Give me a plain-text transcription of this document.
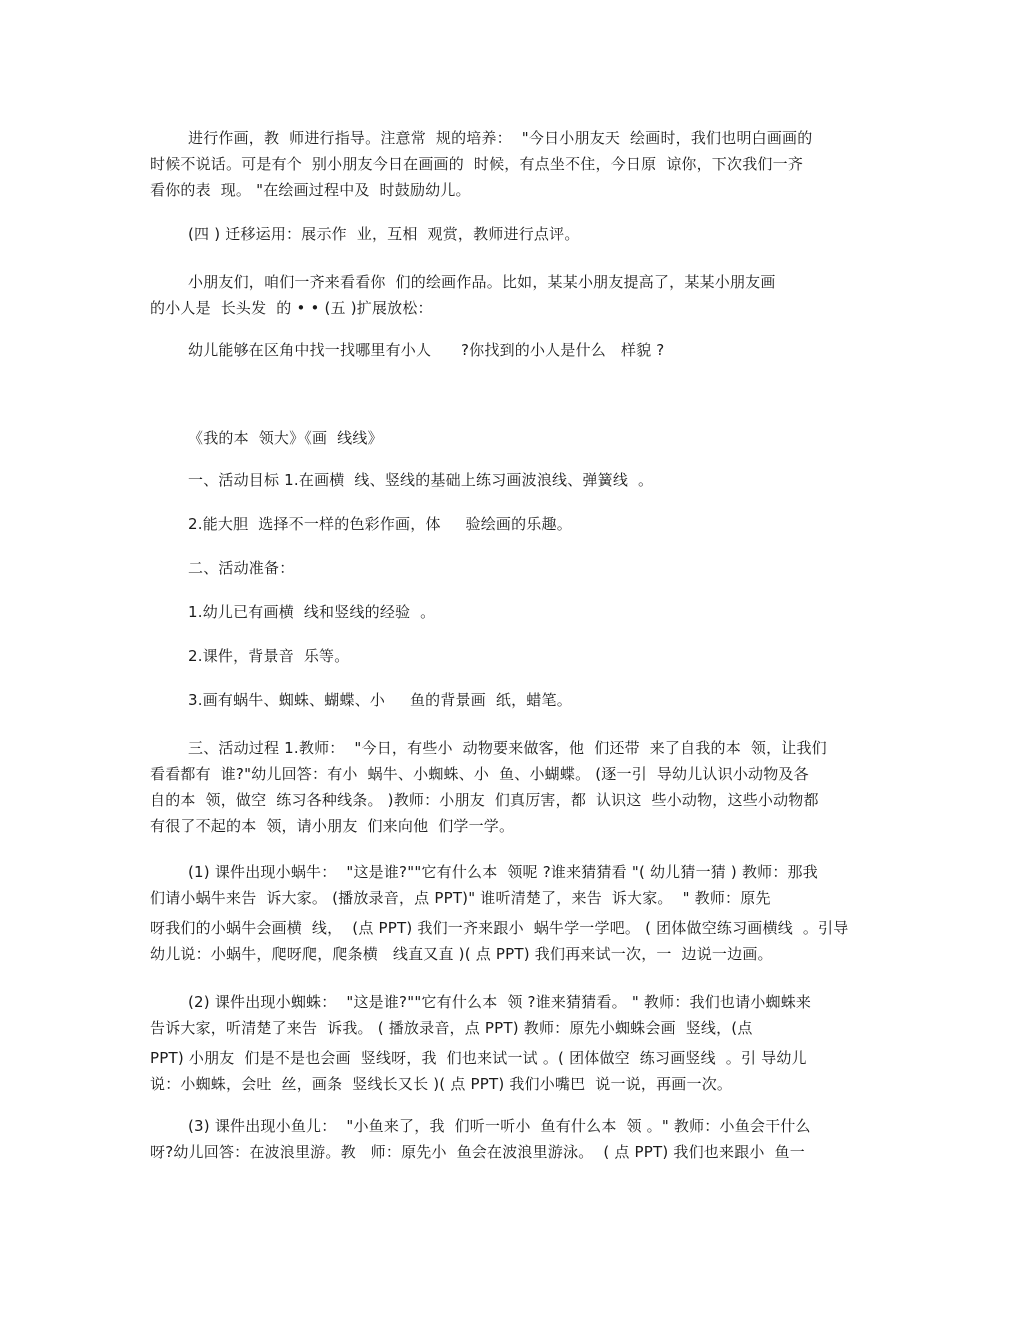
进行作画，教  师进行指导。注意常  规的培养：  "今日小朋友天  绘画时，我们也明白画画的
时候不说话。可是有个  别小朋友今日在画画的  时候，有点坐不住，今日原  谅你，下次我们一齐
看你的表  现。 "在绘画过程中及  时鼓励幼儿。
(四 ) 迁移运用：展示作  业，互相  观赏，教师进行点评。
小朋友们，咱们一齐来看看你  们的绘画作品。比如，某某小朋友提高了，某某小朋友画
的小人是  长头发  的 • • (五 )扩展放松：
幼儿能够在区角中找一找哪里有小人      ?你找到的小人是什么   样貌 ?
《我的本  领大》《画  线线》
一、活动目标 1.在画横  线、竖线的基础上练习画波浪线、弹簧线  。
2.能大胆  选择不一样的色彩作画，体     验绘画的乐趣。
二、活动准备：
1.幼儿已有画横  线和竖线的经验  。
2.课件，背景音  乐等。
3.画有蜗牛、蜘蛛、蝴蝶、小     鱼的背景画  纸，蜡笔。
三、活动过程 1.教师：  "今日，有些小  动物要来做客，他  们还带  来了自我的本  领，让我们
看看都有  谁?"幼儿回答：有小  蜗牛、小蜘蛛、小  鱼、小蝴蝶。 (逐一引  导幼儿认识小动物及各
自的本  领，做空  练习各种线条。 )教师：小朋友  们真厉害，都  认识这  些小动物，这些小动物都
有很了不起的本  领，请小朋友  们来向他  们学一学。
(1) 课件出现小蜗牛：  "这是谁?""它有什么本  领呢 ?谁来猜猜看 "( 幼儿猜一猜 ) 教师：那我
们请小蜗牛来告  诉大家。 (播放录音，点 PPT)" 谁听清楚了，来告  诉大家。  " 教师：原先
呀我们的小蜗牛会画横  线，  (点 PPT) 我们一齐来跟小  蜗牛学一学吧。 ( 团体做空练习画横线  。引导
幼儿说：小蜗牛，爬呀爬，爬条横   线直又直 )( 点 PPT) 我们再来试一次，一  边说一边画。
(2) 课件出现小蜘蛛：  "这是谁?""它有什么本  领 ?谁来猜猜看。 " 教师：我们也请小蜘蛛来
告诉大家，听清楚了来告  诉我。 ( 播放录音，点 PPT) 教师：原先小蜘蛛会画  竖线，(点
PPT) 小朋友  们是不是也会画  竖线呀，我  们也来试一试 。( 团体做空  练习画竖线  。引 导幼儿
说：小蜘蛛，会吐  丝，画条  竖线长又长 )( 点 PPT) 我们小嘴巴  说一说，再画一次。
(3) 课件出现小鱼儿：  "小鱼来了，我  们听一听小  鱼有什么本  领 。" 教师：小鱼会干什么
呀?幼儿回答：在波浪里游。教   师：原先小  鱼会在波浪里游泳。  ( 点 PPT) 我们也来跟小  鱼一
